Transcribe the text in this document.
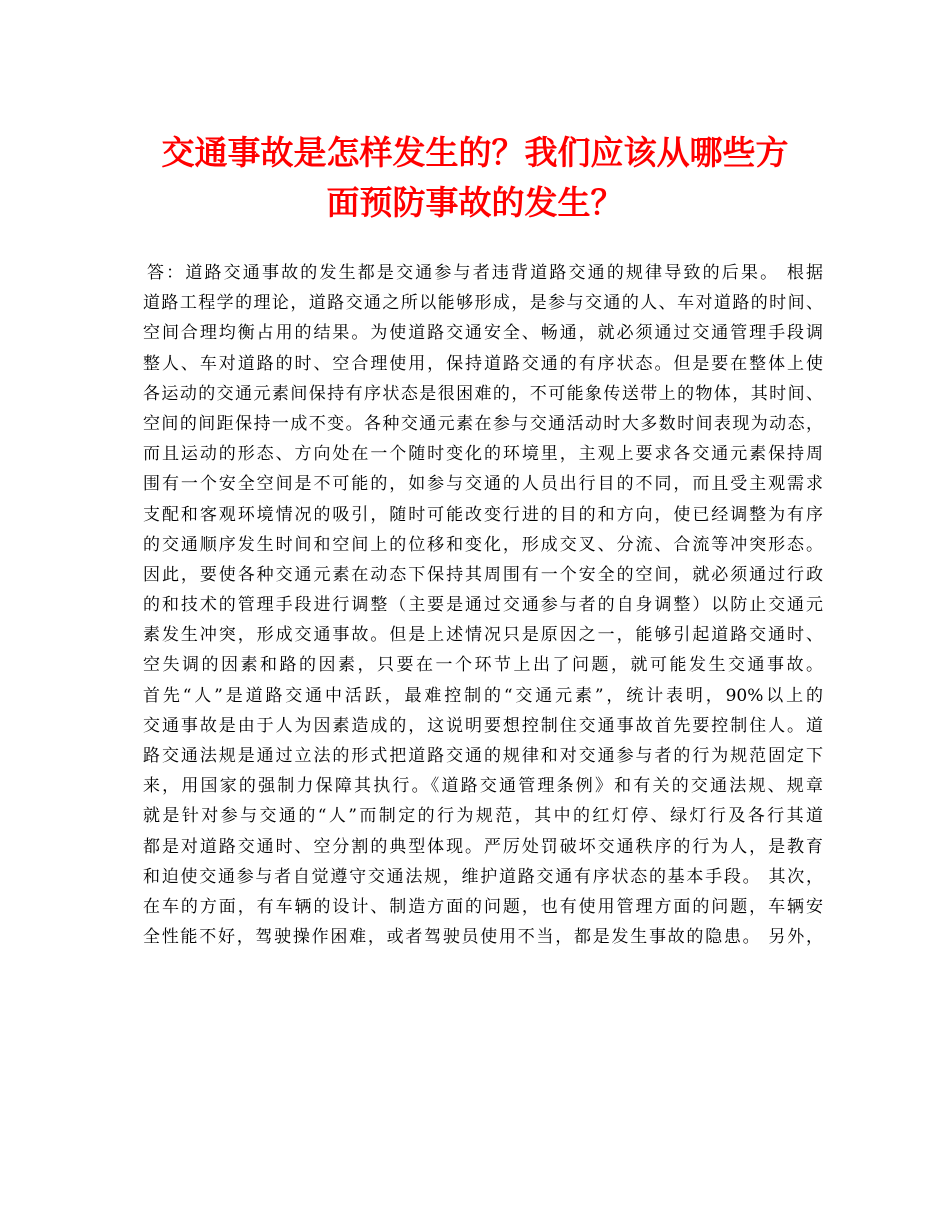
交通事故是怎样发生的？我们应该从哪些方
面预防事故的发生？
答：道路交通事故的发生都是交通参与者违背道路交通的规律导致的后果。 根据
道路工程学的理论，道路交通之所以能够形成，是参与交通的人、车对道路的时间、
空间合理均衡占用的结果。为使道路交通安全、畅通，就必须通过交通管理手段调
整人、车对道路的时、空合理使用，保持道路交通的有序状态。但是要在整体上使
各运动的交通元素间保持有序状态是很困难的，不可能象传送带上的物体，其时间、
空间的间距保持一成不变。各种交通元素在参与交通活动时大多数时间表现为动态，
而且运动的形态、方向处在一个随时变化的环境里，主观上要求各交通元素保持周
围有一个安全空间是不可能的，如参与交通的人员出行目的不同，而且受主观需求
支配和客观环境情况的吸引，随时可能改变行进的目的和方向，使已经调整为有序
的交通顺序发生时间和空间上的位移和变化，形成交叉、分流、合流等冲突形态。
因此，要使各种交通元素在动态下保持其周围有一个安全的空间，就必须通过行政
的和技术的管理手段进行调整（主要是通过交通参与者的自身调整）以防止交通元
素发生冲突，形成交通事故。但是上述情况只是原因之一，能够引起道路交通时、
空失调的因素和路的因素，只要在一个环节上出了问题，就可能发生交通事故。
首先“人”是道路交通中活跃，最难控制的“交通元素”，统计表明，90%以上的
交通事故是由于人为因素造成的，这说明要想控制住交通事故首先要控制住人。道
路交通法规是通过立法的形式把道路交通的规律和对交通参与者的行为规范固定下
来，用国家的强制力保障其执行。《道路交通管理条例》和有关的交通法规、规章
就是针对参与交通的“人”而制定的行为规范，其中的红灯停、绿灯行及各行其道
都是对道路交通时、空分割的典型体现。严厉处罚破坏交通秩序的行为人，是教育
和迫使交通参与者自觉遵守交通法规，维护道路交通有序状态的基本手段。 其次，
在车的方面，有车辆的设计、制造方面的问题，也有使用管理方面的问题，车辆安
全性能不好，驾驶操作困难，或者驾驶员使用不当，都是发生事故的隐患。 另外，
